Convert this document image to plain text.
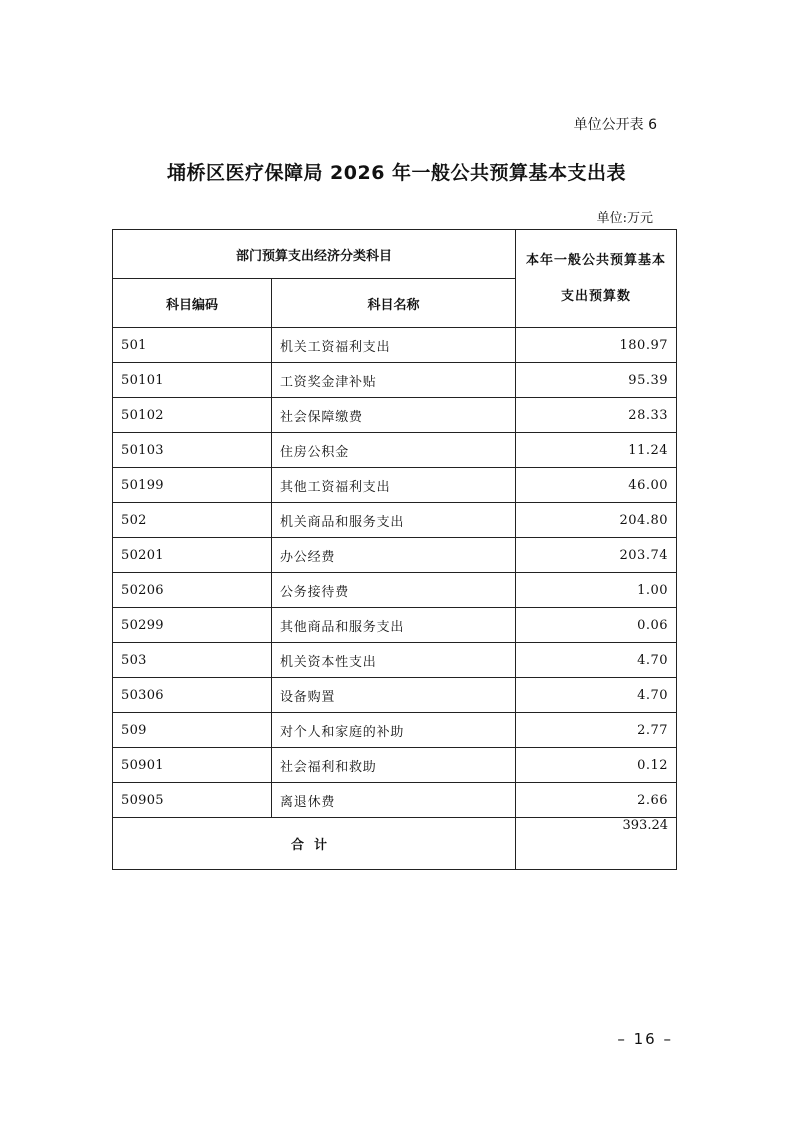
单位公开表 6
埇桥区医疗保障局 2026 年一般公共预算基本支出表
单位:万元
部门预算支出经济分类科目		本年一般公共预算基本支出预算数
科目编码	科目名称	
501	机关工资福利支出	180.97
50101	工资奖金津补贴	95.39
50102	社会保障缴费	28.33
50103	住房公积金	11.24
50199	其他工资福利支出	46.00
502	机关商品和服务支出	204.80
50201	办公经费	203.74
50206	公务接待费	1.00
50299	其他商品和服务支出	0.06
503	机关资本性支出	4.70
50306	设备购置	4.70
509	对个人和家庭的补助	2.77
50901	社会福利和救助	0.12
50905	离退休费	2.66
合计		393.24
– 16 –
